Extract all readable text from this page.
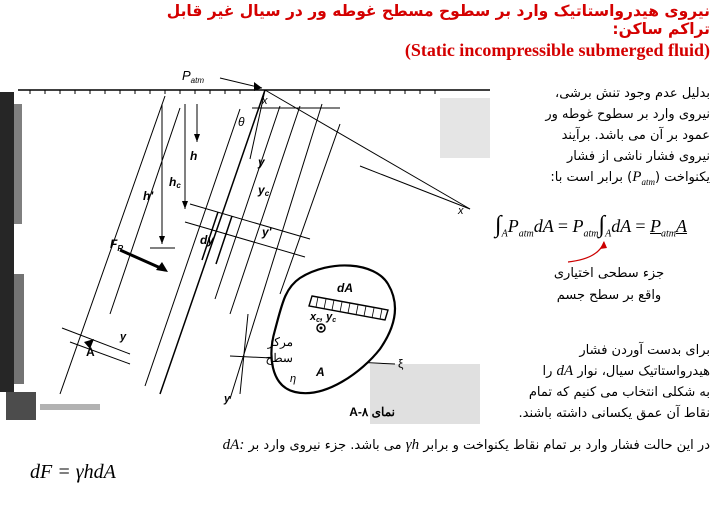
نیروی هیدرواستاتیک وارد بر سطوح مسطح غوطه ور در سیال غیر قابل تراکم ساکن:
(Static incompressible submerged fluid)
$P_{atm}$
x
θ
h
hc
h'
y
yc
y'
dy
$F_R$
x
dA
xc, yc
مرکز
سطح
η A
ξ
A
y
y
نمای ۸-A
بدلیل عدم وجود تنش برشی،
نیروی وارد بر سطوح غوطه ور
عمود بر آن می باشد. برآیند
نیروی فشار ناشی از فشار
یکنواخت $(P_{atm})$ برابر است با:
$\int_AP_{atm}dA = P_{atm}\int_AdA = P_{atm}A$
جزء سطحی اختیاری
واقع بر سطح جسم
برای بدست آوردن فشار
هیدرواستاتیک سیال، نوار dA را
به شکلی انتخاب می کنیم که تمام
نقاط آن عمق یکسانی داشته باشند.
در این حالت فشار وارد بر تمام نقاط یکنواخت و برابر γh می باشد. جزء نیروی وارد بر dA:
dF = γhdA
